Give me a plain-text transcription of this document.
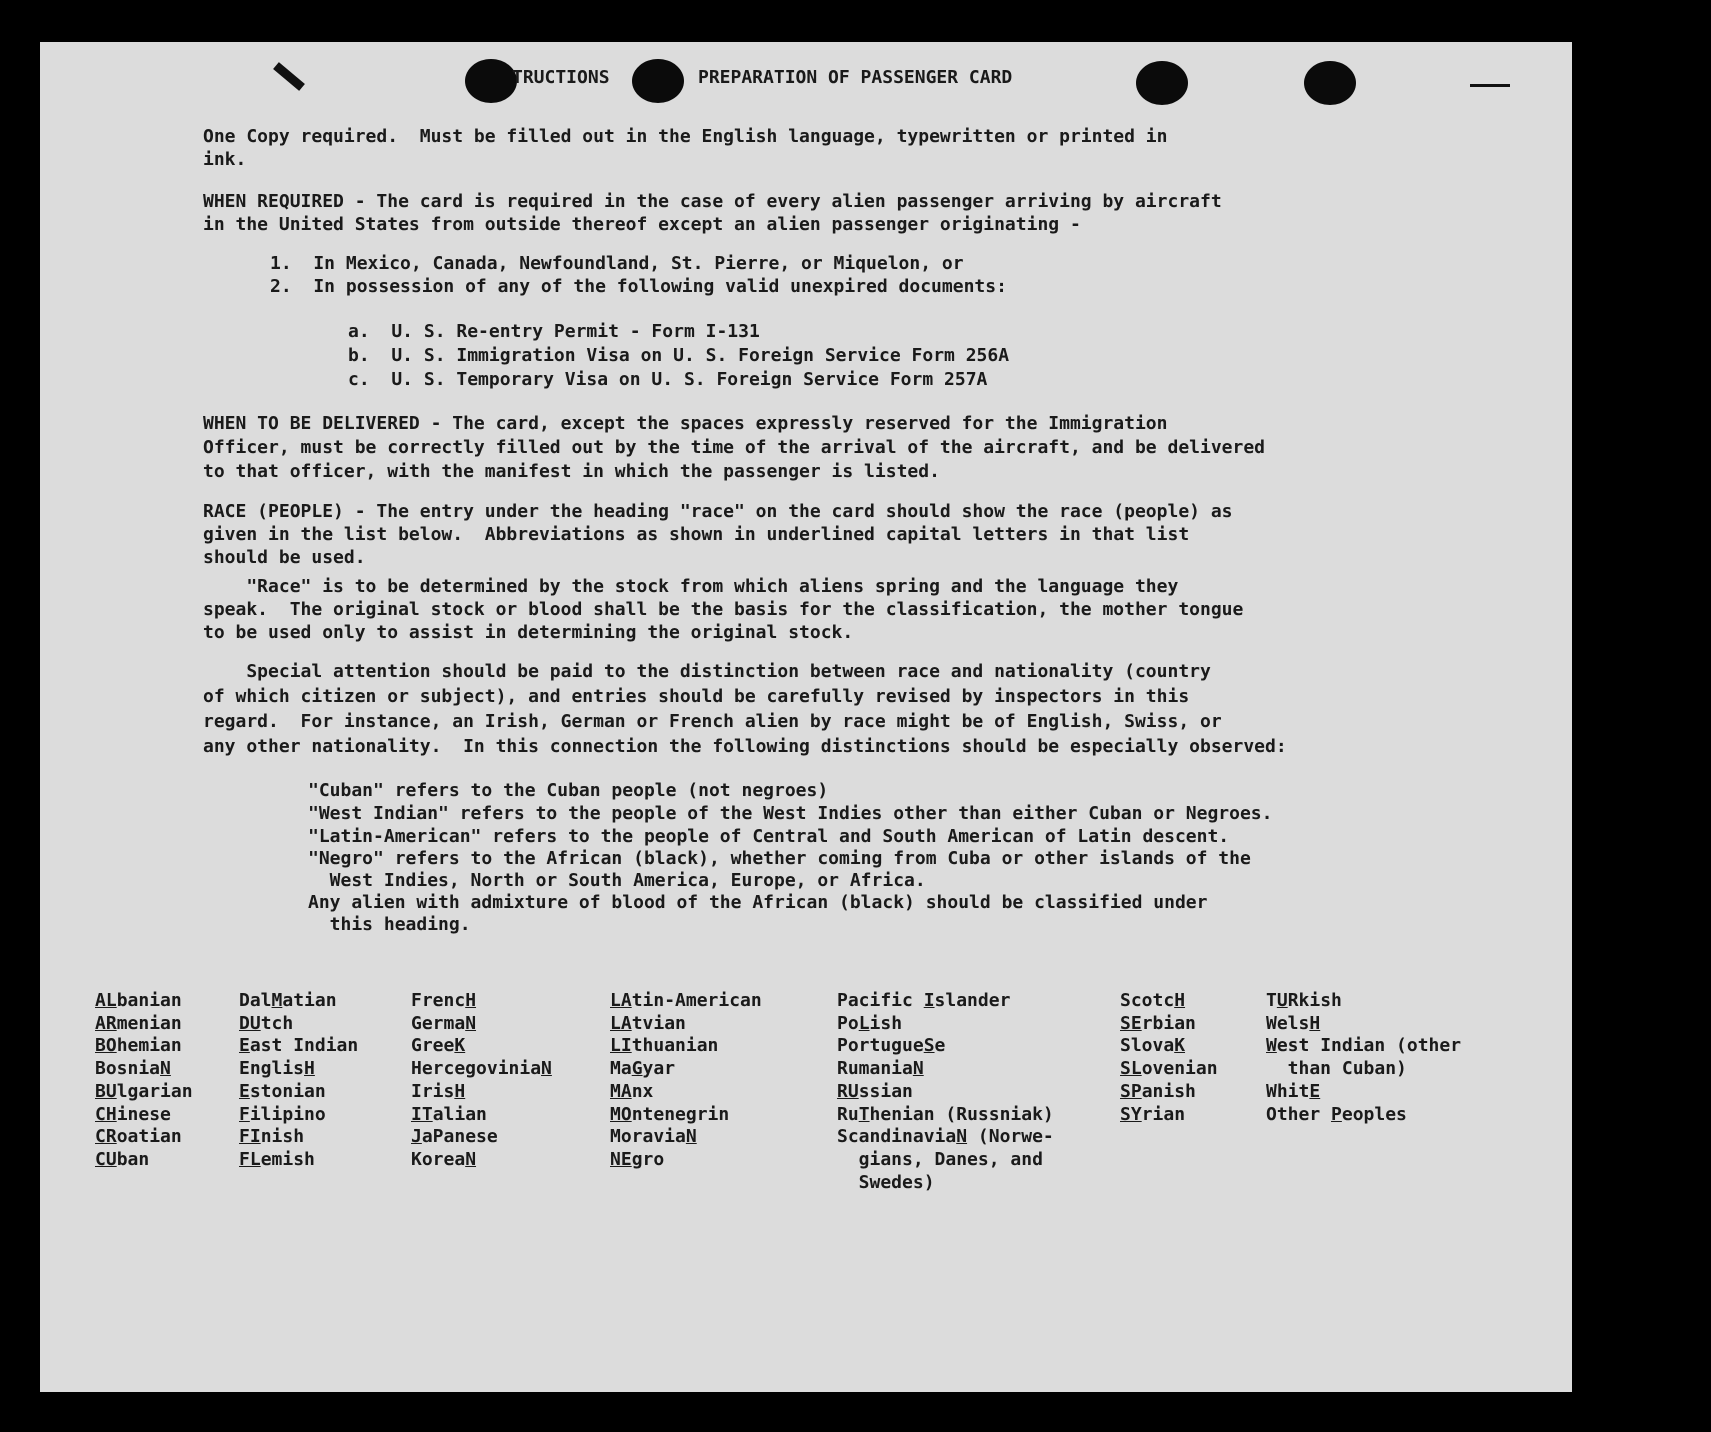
TRUCTIONS	PREPARATION OF PASSENGER CARD
One Copy required.  Must be filled out in the English language, typewritten or printed in
ink.
WHEN REQUIRED - The card is required in the case of every alien passenger arriving by aircraft
in the United States from outside thereof except an alien passenger originating -
1.  In Mexico, Canada, Newfoundland, St. Pierre, or Miquelon, or
2.  In possession of any of the following valid unexpired documents:
a.  U. S. Re-entry Permit - Form I-131
b.  U. S. Immigration Visa on U. S. Foreign Service Form 256A
c.  U. S. Temporary Visa on U. S. Foreign Service Form 257A
WHEN TO BE DELIVERED - The card, except the spaces expressly reserved for the Immigration
Officer, must be correctly filled out by the time of the arrival of the aircraft, and be delivered
to that officer, with the manifest in which the passenger is listed.
RACE (PEOPLE) - The entry under the heading "race" on the card should show the race (people) as
given in the list below.  Abbreviations as shown in underlined capital letters in that list
should be used.
"Race" is to be determined by the stock from which aliens spring and the language they
speak.  The original stock or blood shall be the basis for the classification, the mother tongue
to be used only to assist in determining the original stock.
Special attention should be paid to the distinction between race and nationality (country
of which citizen or subject), and entries should be carefully revised by inspectors in this
regard.  For instance, an Irish, German or French alien by race might be of English, Swiss, or
any other nationality.  In this connection the following distinctions should be especially observed:
"Cuban" refers to the Cuban people (not negroes)
"West Indian" refers to the people of the West Indies other than either Cuban or Negroes.
"Latin-American" refers to the people of Central and South American of Latin descent.
"Negro" refers to the African (black), whether coming from Cuba or other islands of the
West Indies, North or South America, Europe, or Africa.
Any alien with admixture of blood of the African (black) should be classified under
this heading.
ALbanian
ARmenian
BOhemian
BosniaN
BUlgarian
CHinese
CRoatian
CUban
DalMatian
DUtch
East Indian
EnglisH
Estonian
Filipino
FInish
FLemish
FrencH
GermaN
GreeK
HercegoviniaN
IrisH
ITalian
JaPanese
KoreaN
LAtin-American
LAtvian
LIthuanian
MaGyar
MAnx
MOntenegrin
MoraviaN
NEgro
Pacific Islander
PoLish
PortugueSe
RumaniaN
RUssian
RuThenian (Russniak)
ScandinaviaN (Norwe-
gians, Danes, and
Swedes)
ScotcH
SErbian
SlovaK
SLovenian
SPanish
SYrian
TURkish
WelsH
West Indian (other
than Cuban)
WhitE
Other Peoples
